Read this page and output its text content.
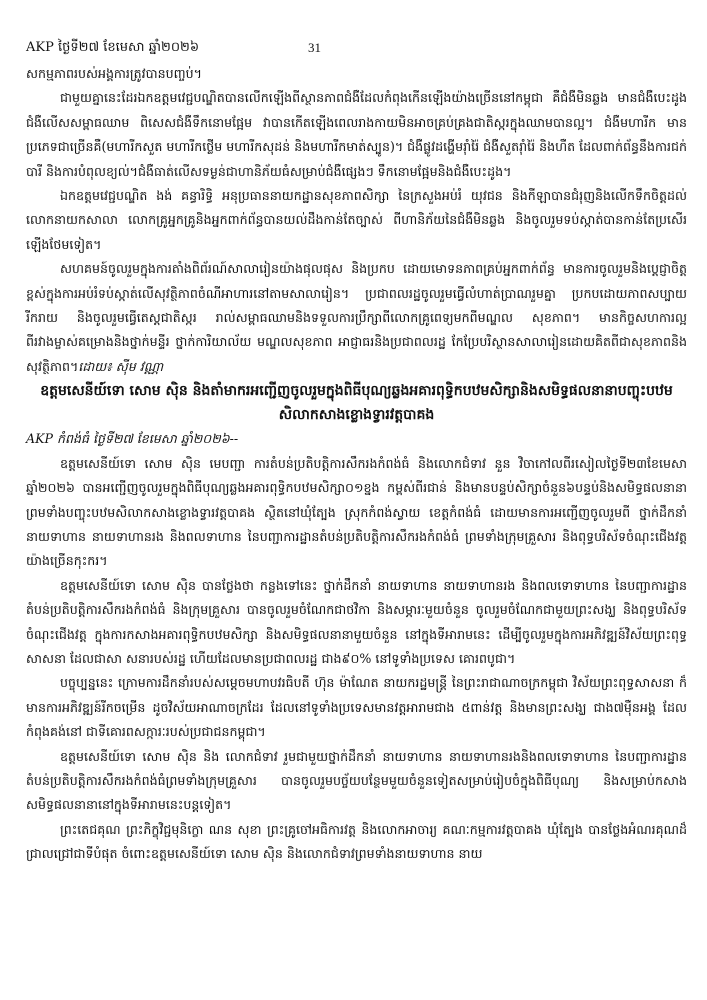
AKP ថ្ងៃទី២៧ ខែមេសា ឆ្នាំ២០២៦	31

សកម្មភាពរបស់អង្គការត្រូវបានបញ្ចប់។

ជាមួយគ្នានេះដែរឯកឧត្តមវេជ្ជបណ្ឌិតបានលើកឡើងពីស្ថានភាពជំងឺដែលកំពុងកើនឡើងយ៉ាងច្រើននៅកម្ពុជា គឺជំងឺមិនឆ្លង មានជំងឺបេះដូង ជំងឺលើសសម្ពាធឈាម ពិសេសជំងឺទឹកនោមផ្អែម វាបានកើតឡើងពេលរាងកាយមិនអាចគ្រប់គ្រងជាតិស្ករក្នុងឈាមបានល្អ។ ជំងឺមហារីក មានប្រភេទជាច្រើនគឺ(មហារីកសួត មហារីកថ្លើម មហារីកសុដន់ និងមហារីកមាត់ស្បូន)។ ជំងឺផ្លូវដង្ហើមរ៉ាំរ៉ៃ ជំងឺសួតរ៉ាំរ៉ៃ និងហឺត ដែលពាក់ព័ន្ធនឹងការជក់បារី និងការបំពុលខ្យល់។ជំងឺធាត់លើសទម្ងន់ជាហានិភ័យធំសម្រាប់ជំងឺផ្សេងៗ ទឹកនោមផ្អែមនិងជំងឺបេះដូង។

ឯកឧត្តមវេជ្ជបណ្ឌិត ងង់ គន្ធារិទ្ធិ អនុប្រធាននាយកដ្ឋានសុខភាពសិក្សា នៃក្រសួងអប់រំ យុវជន និងកីឡាបានជំរុញនិងលើកទឹកចិត្តដល់ លោកនាយកសាលា លោកគ្រូអ្នកគ្រូនិងអ្នកពាក់ព័ន្ធបានយល់ដឹងកាន់តែច្បាស់ ពីហានិភ័យនៃជំងឺមិនឆ្លង និងចូលរួមទប់ស្កាត់បានកាន់តែប្រសើរឡើងថែមទៀត។

សហគមន៍ចូលរួមក្នុងការតាំងពិព័រណ៍សាលារៀនយ៉ាងផុលផុស និងប្រកប ដោយមោទនភាពគ្រប់អ្នកពាក់ព័ន្ធ មានការចូលរួមនិងប្តេជ្ញាចិត្តខ្ពស់ក្នុងការអប់រំទប់ស្កាត់លើសុវត្ថិភាពចំណីអាហារនៅតាមសាលារៀន។ ប្រជាពលរដ្ឋចូលរួមធ្វើលំហាត់ប្រាណរួមគ្នា ប្រកបដោយភាពសប្បាយរីករាយ និងចូលរួមធ្វើតេស្តជាតិស្ករ រាល់សម្ពាធឈាមនិងទទួលការប្រឹក្សាពីលោកគ្រូពេទ្យមកពីមណ្ឌល សុខភាព។ មានកិច្ចសហការល្អពីរវាងម្ចាស់គម្រោងនិងថ្នាក់មន្ទីរ ថ្នាក់ការិយាល័យ មណ្ឌលសុខភាព អាជ្ញាធរនិងប្រជាពលរដ្ឋ កែប្រែបរិស្ថានសាលារៀនដោយគិតពីជាសុខភាពនិងសុវត្ថិភាព។ដោយ៖ ស៊ីម វណ្ណា

ឧត្តមសេនីយ៍ទោ សោម ស៊ិន និងតាំមាករអញ្ជើញចូលរួមក្នុងពិធីបុណ្យឆ្លងអគារពុទ្ធិកបឋមសិក្សានិងសមិទ្ធផលនានាបញ្ចុះបឋមសិលាកសាងខ្លោងទ្វារវត្តបាគង

AKP កំពង់ធំ ថ្ងៃទី២៧ ខែមេសា ឆ្នាំ២០២៦--

ឧត្តមសេនីយ៍ទោ សោម ស៊ិន មេបញ្ជា ការតំបន់ប្រតិបត្តិការសឹករងកំពង់ធំ និងលោកជំទាវ នួន វិចាកៅលពីរសៀលថ្ងៃទី២៣ខែមេសាឆ្នាំ២០២៦ បានអញ្ជើញចូលរួមក្នុងពិធីបុណ្យឆ្លងអគារពុទ្ធិកបឋមសិក្សា០១ខ្នង កម្ពស់ពីរជាន់ និងមានបន្ទប់សិក្សាចំនួន៦បន្ទប់និងសមិទ្ធផលនានាព្រមទាំងបញ្ចុះបឋមសិលាកសាងខ្លោងទ្វារវត្តបាគង ស្ថិតនៅឃុំត្បែង ស្រុកកំពង់ស្វាយ ខេត្តកំពង់ធំ ដោយមានការអញ្ជើញចូលរួមពី ថ្នាក់ដឹកនាំ នាយទាហាន នាយទាហានរង និងពលទាហាន នៃបញ្ជាការដ្ឋានតំបន់ប្រតិបត្តិការសឹករងកំពង់ធំ ព្រមទាំងក្រុមគ្រួសារ និងពុទ្ធបរិស័ទចំណុះជើងវត្តយ៉ាងច្រើនកុះករ។

ឧត្តមសេនីយ៍ទោ សោម ស៊ិន បានថ្លែងថា កន្លងទៅនេះ ថ្នាក់ដឹកនាំ នាយទាហាន នាយទាហានរង និងពលទោទាហាន នៃបញ្ជាការដ្ឋានតំបន់ប្រតិបត្តិការសឹករងកំពង់ធំ និងក្រុមគ្រួសារ បានចូលរួមចំណែកជាថវិកា និងសម្ភារៈមួយចំនួន ចូលរួមចំណែកជាមួយព្រះសង្ឃ និងពុទ្ធបរិស័ទចំណុះជើងវត្ត ក្នុងការកសាងអគារពុទ្ធិកបឋមសិក្សា និងសមិទ្ធផលនានាមួយចំនួន នៅក្នុងទីអារាមនេះ ដើម្បីចូលរួមក្នុងការអភិវឌ្ឍន៍វិស័យព្រះពុទ្ធសាសនា ដែលជាសា សនារបស់រដ្ឋ ហើយដែលមានប្រជាពលរដ្ឋ ជាង៩០% នៅទូទាំងប្រទេស គោរពបូជា។

បច្ចុប្បន្ននេះ ក្រោមការដឹកនាំរបស់សម្តេចមហាបវរធិបតី ហ៊ុន ម៉ាណែត នាយករដ្ឋមន្ត្រី នៃព្រះរាជាណាចក្រកម្ពុជា វិស័យព្រះពុទ្ធសាសនា ក៏មានការអភិវឌ្ឍន៍រីកចម្រើន ដូចវិស័យអាណាចក្រដែរ ដែលនៅទូទាំងប្រទេសមានវត្តអារាមជាង ៥ពាន់វត្ត និងមានព្រះសង្ឃ ជាង៧ម៉ឺនអង្គ ដែលកំពុងគង់នៅ ជាទីគោរពសក្ការៈរបស់ប្រជាជនកម្ពុជា។

ឧត្តមសេនីយ៍ទោ សោម ស៊ិន និង លោកជំទាវ រួមជាមួយថ្នាក់ដឹកនាំ នាយទាហាន នាយទាហានរងនិងពលទោទាហាន នៃបញ្ជាការដ្ឋានតំបន់ប្រតិបត្តិការសឹករងកំពង់ធំព្រមទាំងក្រុមគ្រួសារ បានចូលរួមបច្ច័យបន្ថែមមួយចំនួនទៀតសម្រាប់រៀបចំក្នុងពិធីបុណ្យ និងសម្រាប់កសាងសមិទ្ធផលនានានៅក្នុងទីអារាមនេះបន្តទៀត។

ព្រះតេជគុណ ព្រះភិក្ខុវិជ្ជមុនិក្ខោ ណន សុខា ព្រះគ្រូចៅអធិការវត្ត និងលោកអាចារ្យ គណៈកម្មការវត្តបាគង ឃុំត្បែង បានថ្លែងអំណរគុណដ៏ជ្រាលជ្រៅជាទីបំផុត ចំពោះឧត្តមសេនីយ៍ទោ សោម ស៊ិន និងលោកជំទាវព្រមទាំងនាយទាហាន នាយ
